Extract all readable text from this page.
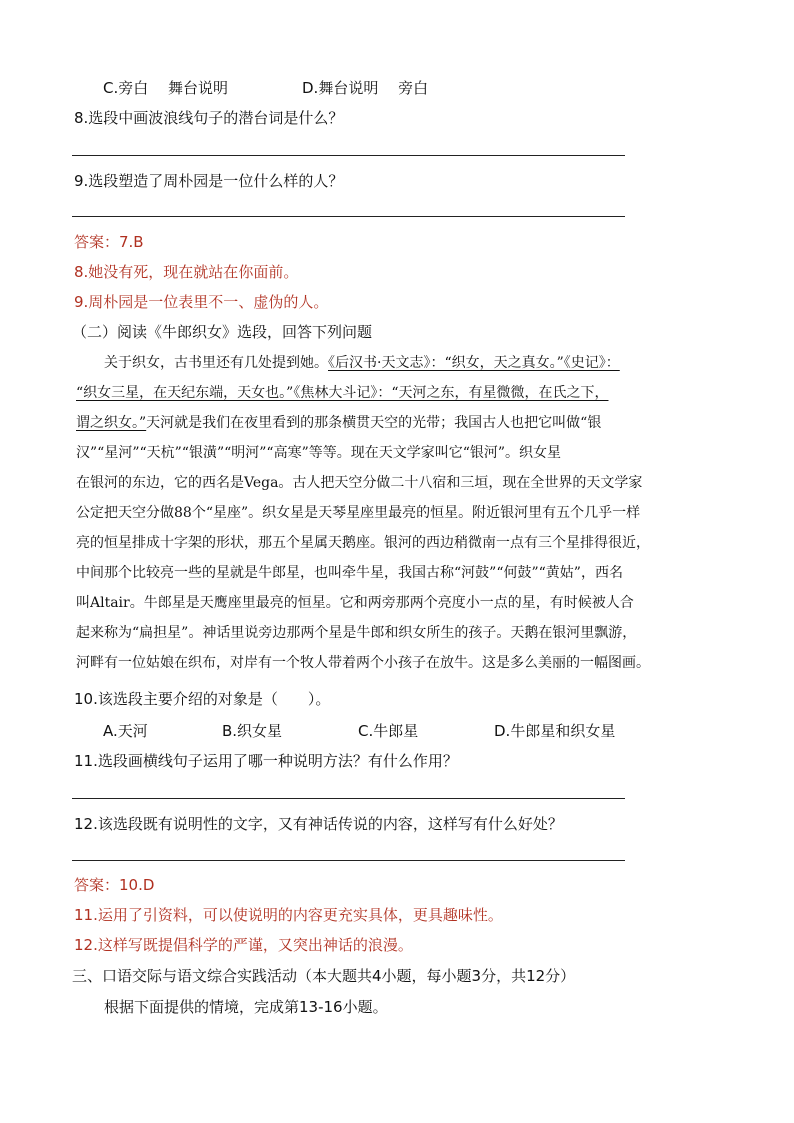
C.旁白　 舞台说明	D.舞台说明　 旁白
8.选段中画波浪线句子的潜台词是什么？
9.选段塑造了周朴园是一位什么样的人？
答案：7.B
8.她没有死，现在就站在你面前。
9.周朴园是一位表里不一、虚伪的人。
（二）阅读《牛郎织女》选段，回答下列问题
关于织女，古书里还有几处提到她。《后汉书·天文志》：“织女，天之真女。”《史记》：
“织女三星，在天纪东端，天女也。”《焦林大斗记》：“天河之东，有星微微，在氏之下，
谓之织女。”天河就是我们在夜里看到的那条横贯天空的光带；我国古人也把它叫做“银
汉”“星河”“天杭”“银潢”“明河”“高寒”等等。现在天文学家叫它“银河”。织女星
在银河的东边，它的西名是Vega。古人把天空分做二十八宿和三垣，现在全世界的天文学家
公定把天空分做88个“星座”。织女星是天琴星座里最亮的恒星。附近银河里有五个几乎一样
亮的恒星排成十字架的形状，那五个星属天鹅座。银河的西边稍微南一点有三个星排得很近，
中间那个比较亮一些的星就是牛郎星，也叫牵牛星，我国古称“河鼓”“何鼓”“黄姑”，西名
叫Altair。牛郎星是天鹰座里最亮的恒星。它和两旁那两个亮度小一点的星，有时候被人合
起来称为“扁担星”。神话里说旁边那两个星是牛郎和织女所生的孩子。天鹅在银河里飘游，
河畔有一位姑娘在织布，对岸有一个牧人带着两个小孩子在放牛。这是多么美丽的一幅图画。
10.该选段主要介绍的对象是（　　）。
A.天河	B.织女星	C.牛郎星	D.牛郎星和织女星
11.选段画横线句子运用了哪一种说明方法？有什么作用？
12.该选段既有说明性的文字，又有神话传说的内容，这样写有什么好处？
答案：10.D
11.运用了引资料，可以使说明的内容更充实具体，更具趣味性。
12.这样写既提倡科学的严谨，又突出神话的浪漫。
三、口语交际与语文综合实践活动（本大题共4小题，每小题3分，共12分）
根据下面提供的情境，完成第13-16小题。
